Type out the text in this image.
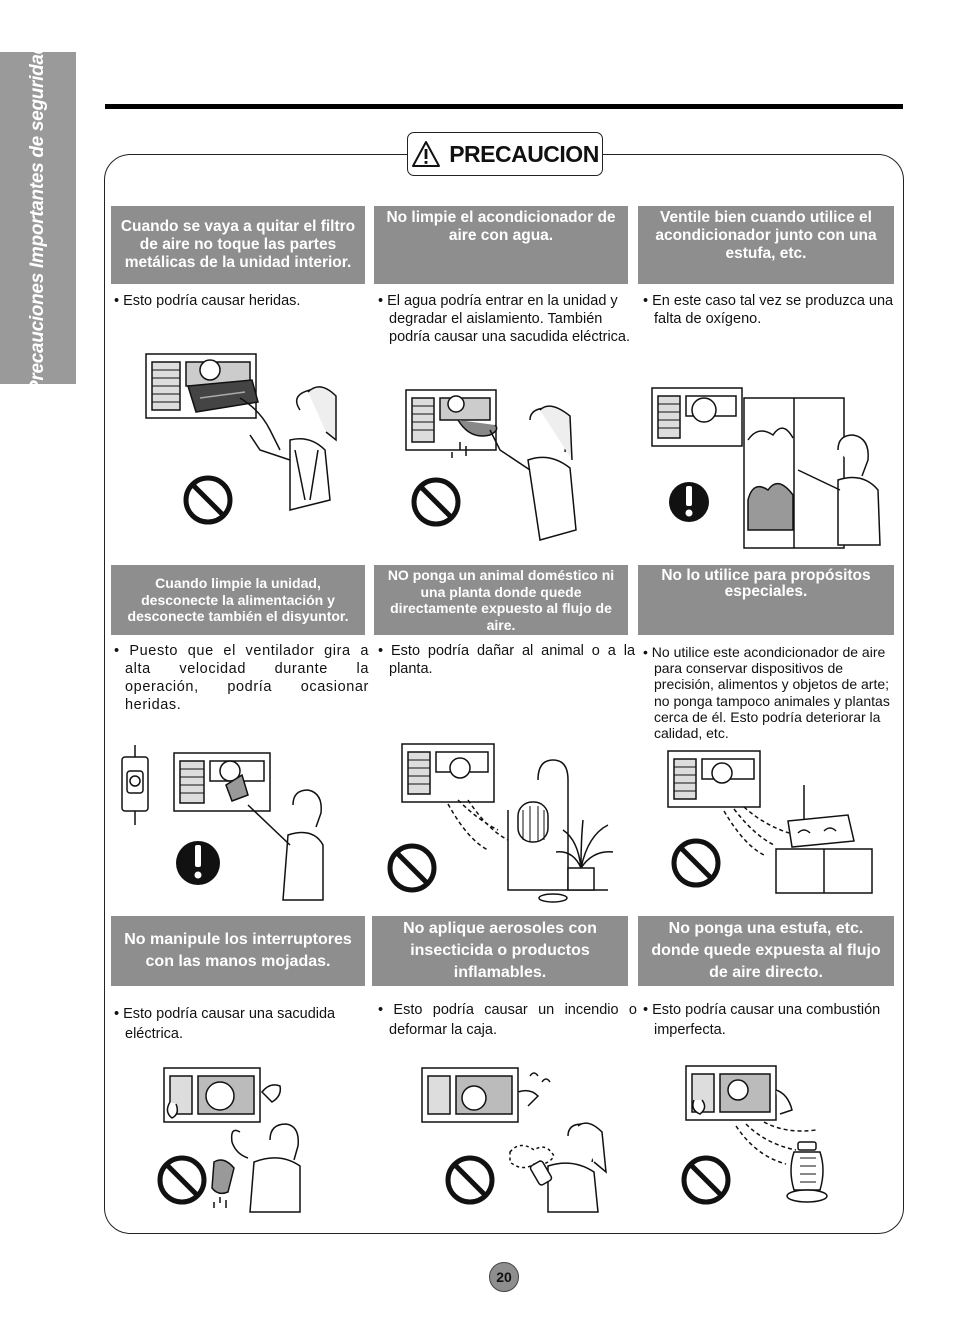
Precauciones Importantes de seguridad	PRECAUCION
Cuando se vaya a quitar el filtro de aire no toque las partes metálicas de la unidad interior.
• Esto podría causar heridas.
No limpie el acondicionador de aire con agua.
• El agua podría entrar en la unidad y degradar el aislamiento. También podría causar una sacudida eléctrica.
Ventile bien cuando utilice el acondicionador junto con una estufa, etc.
• En este caso tal vez se produzca una falta de oxígeno.
Cuando limpie la unidad, desconecte la alimentación y desconecte también el disyuntor.
• Puesto que el ventilador gira a alta velocidad durante la operación, podría ocasionar heridas.
NO ponga un animal doméstico ni una planta donde quede directamente expuesto al flujo de aire.
• Esto podría dañar al animal o a la planta.
No lo utilice para propósitos especiales.
• No utilice este acondicionador de aire para conservar dispositivos de precisión, alimentos y objetos de arte; no ponga tampoco animales y plantas cerca de él. Esto podría deteriorar la calidad, etc.
No manipule los interruptores con las manos mojadas.
• Esto podría causar una sacudida eléctrica.
No aplique aerosoles con insecticida o productos inflamables.
• Esto podría causar un incendio o deformar la caja.
No ponga una estufa, etc. donde quede expuesta al flujo de aire directo.
• Esto podría causar una combustión imperfecta.
20
